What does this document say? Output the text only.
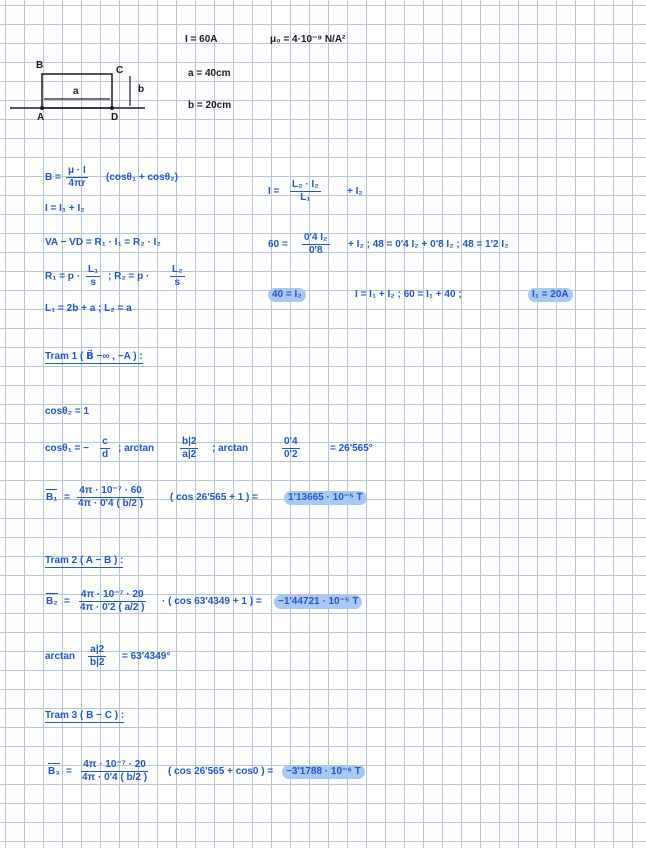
B	C
A	D
a	b
I = 60A	μ₀ = 4·10⁻⁹ N/A²
a = 40cm
b = 20cm
$B = \frac{\mu \cdot I}{4\pi r} (\cos\theta_1 + \cos\theta_2)$
I = I₁ + I₂
VA − VD = R₁ · I₁ = R₂ · I₂
$R_1 = p \cdot \frac{\text{L₁}}{s}$ ; $R_2 = p \cdot \frac{\text{L₂}}{s}$
L₁ = 2b + a ; L₂ = a
$I = \frac{\text{L₂ · I₂}}{\text{L₁}}$	+ I₂
$60 = \frac{\text{0'4 I₂}}{0'8} + I_2$ ; 48 = 0'4 I₂ + 0'8 I₂ ; 48 = 1'2 I₂
40 = I₂	I = I₁ + I₂ ; 60 = I₁ + 40 ;	I₁ = 20A
Tram 1 ( B⃗ −∞ , −A ) :
cosθ₂ = 1
cosθ₁ = − $\frac{c}{d}$ ; arctan	$\frac{b|2}{a|2}$ ; arctan	$\frac{0'4}{0'2}$	= 26'565°
$B_1 = \frac{\text{4π · 10⁻⁷ · 60}}{4\pi \cdot 0'4 ( b/2 )}$ ( cos 26'565 + 1 ) =	1'13665 · 10⁻⁵ T
Tram 2 ( A − B ) :
$B_2 = \frac{\text{4π · 10⁻⁷ · 20}}{4\pi \cdot 0'2 ( a/2 )}$ · ( cos 63'4349 + 1 ) =	−1'44721 · 10⁻⁵ T
$\arctan \frac{a|2}{b|2} = 63'4349^\circ$
Tram 3 ( B − C ) :
$B_3 = \frac{\text{4π · 10⁻⁷ · 20}}{4\pi \cdot 0'4 ( b/2 )}$ ( cos 26'565 + cos0 ) =	−3'1788 · 10⁻⁶ T
